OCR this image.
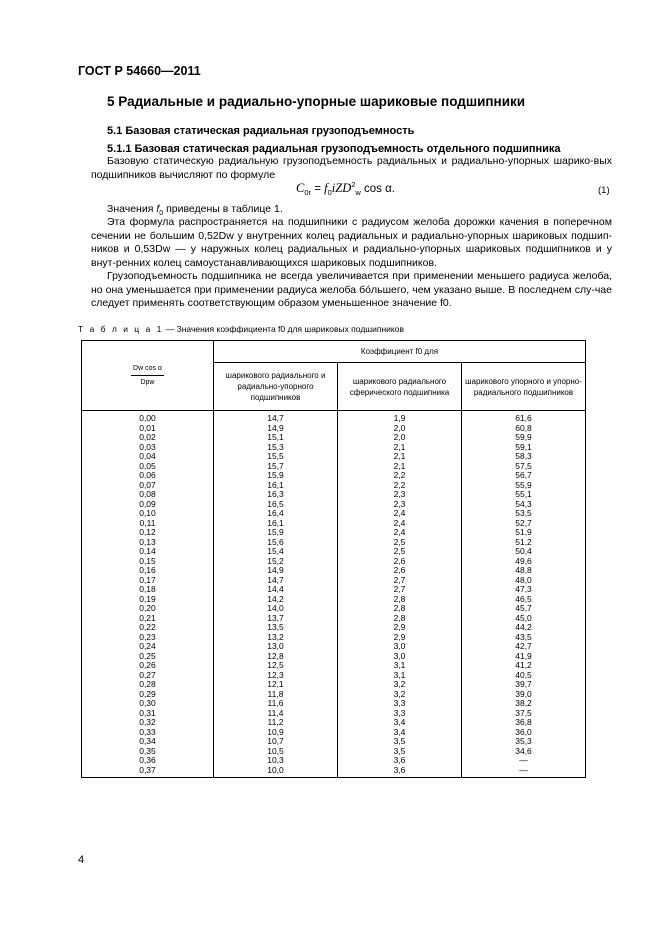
ГОСТ Р 54660—2011
5 Радиальные и радиально-упорные шариковые подшипники
5.1 Базовая статическая радиальная грузоподъемность
5.1.1 Базовая статическая радиальная грузоподъемность отдельного подшипника
Базовую статическую радиальную грузоподъемность радиальных и радиально-упорных шарико-вых подшипников вычисляют по формуле
$C_{0r} = f_0iZD^2_w$ cos α.	(1)
Значения $f_0$ приведены в таблице 1.
Эта формула распространяется на подшипники с радиусом желоба дорожки качения в поперечном сечении не большим 0,52Dw у внутренних колец радиальных и радиально-упорных шариковых подшип-ников и 0,53Dw — у наружных колец радиальных и радиально-упорных шариковых подшипников и у внут-ренних колец самоустанавливающихся шариковых подшипников.
Грузоподъемность подшипника не всегда увеличивается при применении меньшего радиуса желоба, но она уменьшается при применении радиуса желоба бóльшего, чем указано выше. В последнем слу-чае следует применять соответствующим образом уменьшенное значение f0.
Т а б л и ц а 1 — Значения коэффициента f0 для шариковых подшипников
$\frac{\text{Dw cos α}}{\text{Dpw}}$	Коэффициент f0 для		
	шарикового радиального и радиально-упорного подшипников	шарикового радиального сферического подшипника	шарикового упорного и упорно-радиального подшипников
0,00	14,7	1,9	61,6
0,01	14,9	2,0	60,8
0,02	15,1	2,0	59,9
0,03	15,3	2,1	59,1
0,04	15,5	2,1	58,3
0,05	15,7	2,1	57,5
0,06	15,9	2,2	56,7
0,07	16,1	2,2	55,9
0,08	16,3	2,3	55,1
0,09	16,5	2,3	54,3
0,10	16,4	2,4	53,5
0,11	16,1	2,4	52,7
0,12	15,9	2,4	51,9
0,13	15,6	2,5	51,2
0,14	15,4	2,5	50,4
0,15	15,2	2,6	49,6
0,16	14,9	2,6	48,8
0,17	14,7	2,7	48,0
0,18	14,4	2,7	47,3
0,19	14,2	2,8	46,5
0,20	14,0	2,8	45,7
0,21	13,7	2,8	45,0
0,22	13,5	2,9	44,2
0,23	13,2	2,9	43,5
0,24	13,0	3,0	42,7
0,25	12,8	3,0	41,9
0,26	12,5	3,1	41,2
0,27	12,3	3,1	40,5
0,28	12,1	3,2	39,7
0,29	11,8	3,2	39,0
0,30	11,6	3,3	38,2
0,31	11,4	3,3	37,5
0,32	11,2	3,4	36,8
0,33	10,9	3,4	36,0
0,34	10,7	3,5	35,3
0,35	10,5	3,5	34,6
0,36	10,3	3,6	—
0,37	10,0	3,6	—
4
